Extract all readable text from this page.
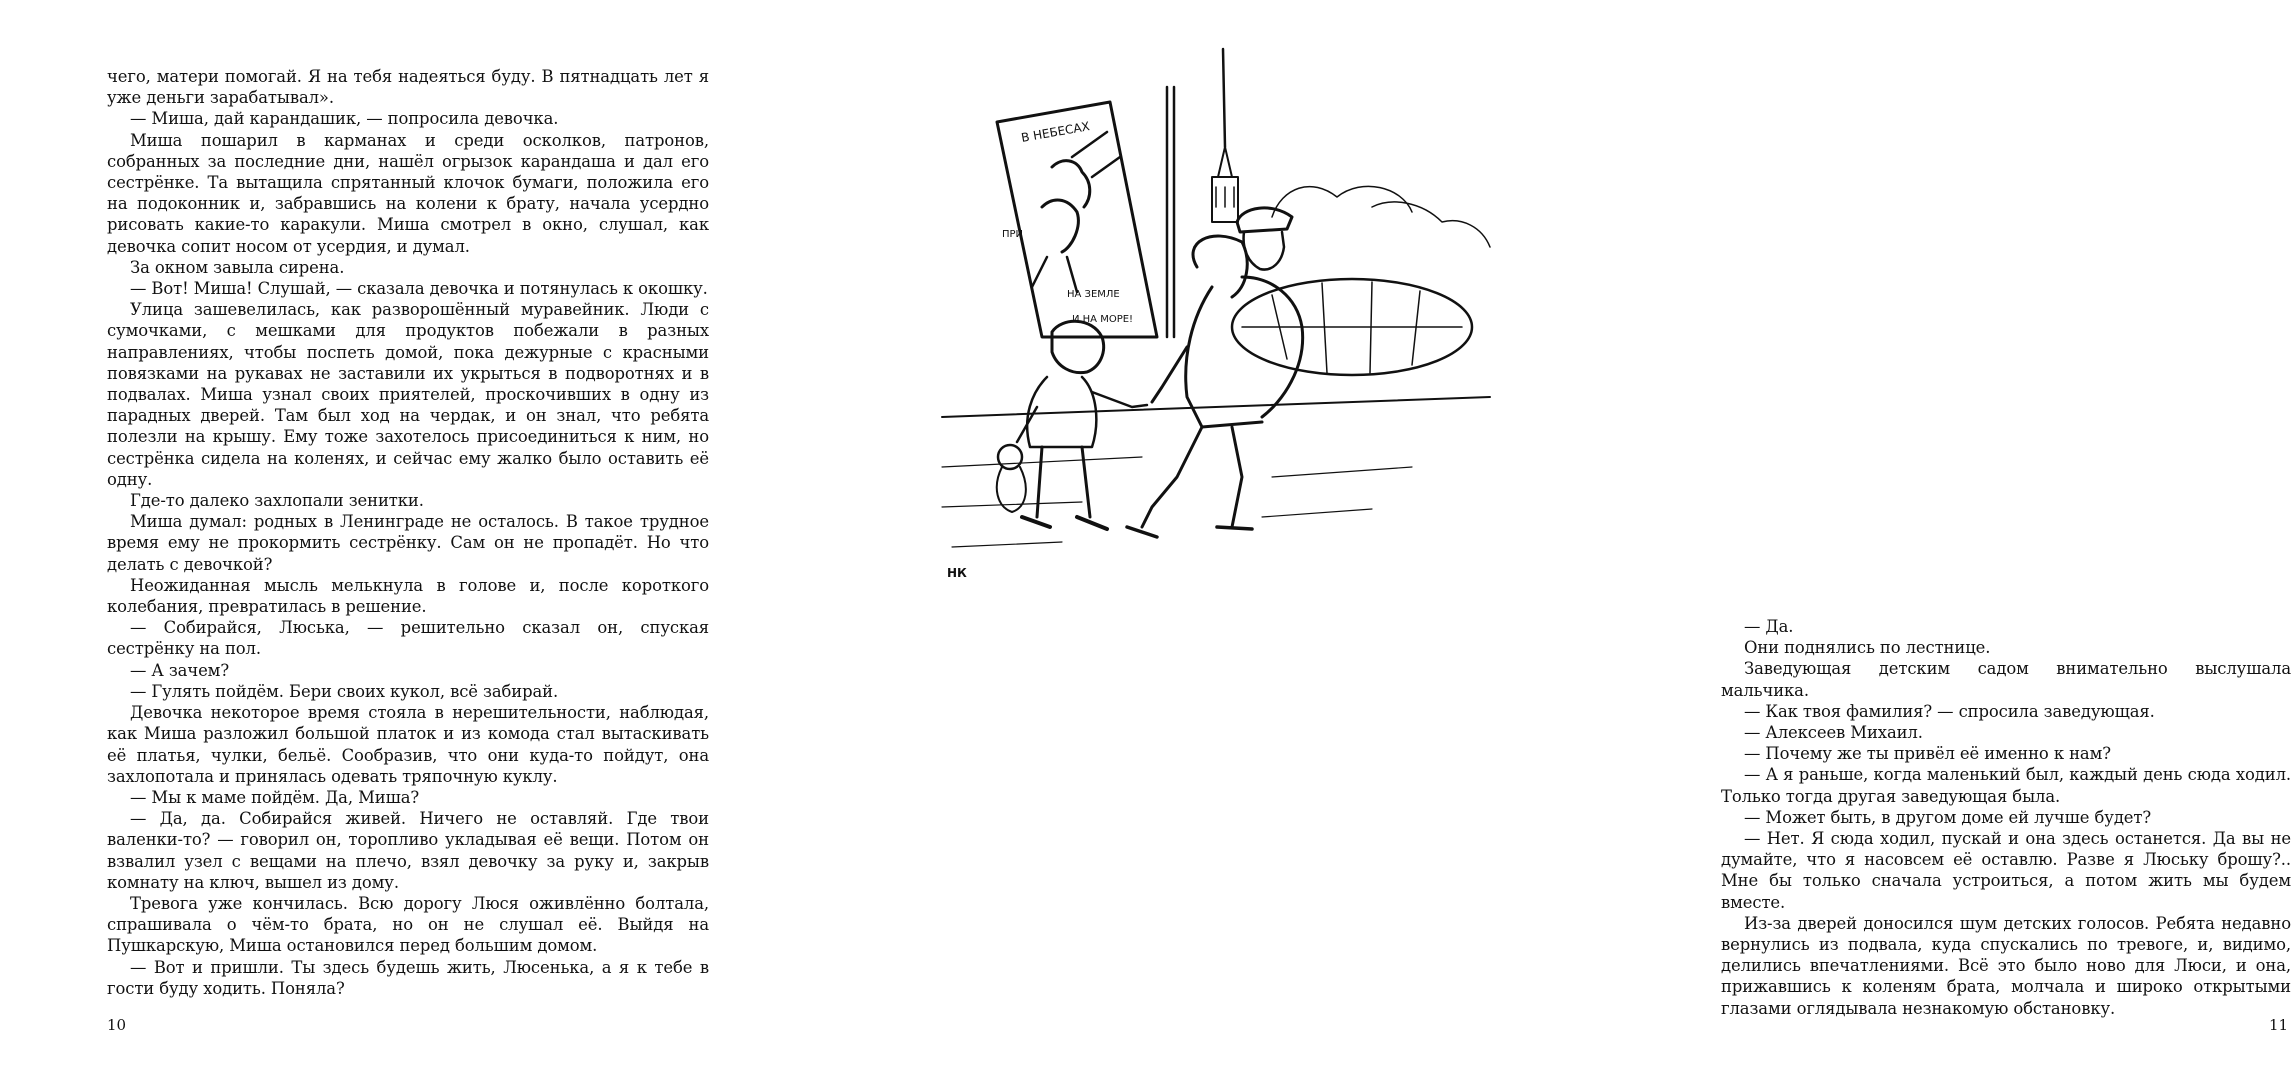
чего, матери помогай. Я на тебя надеяться буду. В пятнадцать лет я уже деньги зарабатывал».

— Миша, дай карандашик, — попросила девочка.

Миша пошарил в карманах и среди осколков, патронов, собранных за последние дни, нашёл огрызок карандаша и дал его сестрёнке. Та вытащила спрятанный клочок бумаги, положила его на подоконник и, забравшись на колени к брату, начала усердно рисовать какие-то каракули. Миша смотрел в окно, слушал, как девочка сопит носом от усердия, и думал.

За окном завыла сирена.

— Вот! Миша! Слушай, — сказала девочка и потянулась к окошку.

Улица зашевелилась, как разворошённый муравейник. Люди с сумочками, с мешками для продуктов побежали в разных направлениях, чтобы поспеть домой, пока дежурные с красными повязками на рукавах не заставили их укрыться в подворотнях и в подвалах. Миша узнал своих приятелей, проскочивших в одну из парадных дверей. Там был ход на чердак, и он знал, что ребята полезли на крышу. Ему тоже захотелось присоединиться к ним, но сестрёнка сидела на коленях, и сейчас ему жалко было оставить её одну.

Где-то далеко захлопали зенитки.

Миша думал: родных в Ленинграде не осталось. В такое трудное время ему не прокормить сестрёнку. Сам он не пропадёт. Но что делать с девочкой?

Неожиданная мысль мелькнула в голове и, после короткого колебания, превратилась в решение.

— Собирайся, Люська, — решительно сказал он, спуская сестрёнку на пол.

— А зачем?

— Гулять пойдём. Бери своих кукол, всё забирай.

Девочка некоторое время стояла в нерешительности, наблюдая, как Миша разложил большой платок и из комода стал вытаскивать её платья, чулки, бельё. Сообразив, что они куда-то пойдут, она захлопотала и принялась одевать тряпочную куклу.

— Мы к маме пойдём. Да, Миша?

— Да, да. Собирайся живей. Ничего не оставляй. Где твои валенки-то? — говорил он, торопливо укладывая её вещи. Потом он взвалил узел с вещами на плечо, взял девочку за руку и, закрыв комнату на ключ, вышел из дому.

Тревога уже кончилась. Всю дорогу Люся оживлённо болтала, спрашивала о чём-то брата, но он не слушал её. Выйдя на Пушкарскую, Миша остановился перед большим домом.

— Вот и пришли. Ты здесь будешь жить, Люсенька, а я к тебе в гости буду ходить. Поняла?

10

— Да.

Они поднялись по лестнице.

Заведующая детским садом внимательно выслушала мальчика.

— Как твоя фамилия? — спросила заведующая.

— Алексеев Михаил.

— Почему же ты привёл её именно к нам?

— А я раньше, когда маленький был, каждый день сюда ходил. Только тогда другая заведующая была.

— Может быть, в другом доме ей лучше будет?

— Нет. Я сюда ходил, пускай и она здесь останется. Да вы не думайте, что я насовсем её оставлю. Разве я Люську брошу?.. Мне бы только сначала устроиться, а потом жить мы будем вместе.

Из-за дверей доносился шум детских голосов. Ребята недавно вернулись из подвала, куда спускались по тревоге, и, видимо, делились впечатлениями. Всё это было ново для Люси, и она, прижавшись к коленям брата, молчала и широко открытыми глазами оглядывала незнакомую обстановку.

11
В НЕБЕСАХ
ПРИ
НА ЗЕМЛЕ
И НА МОРЕ!
НК
